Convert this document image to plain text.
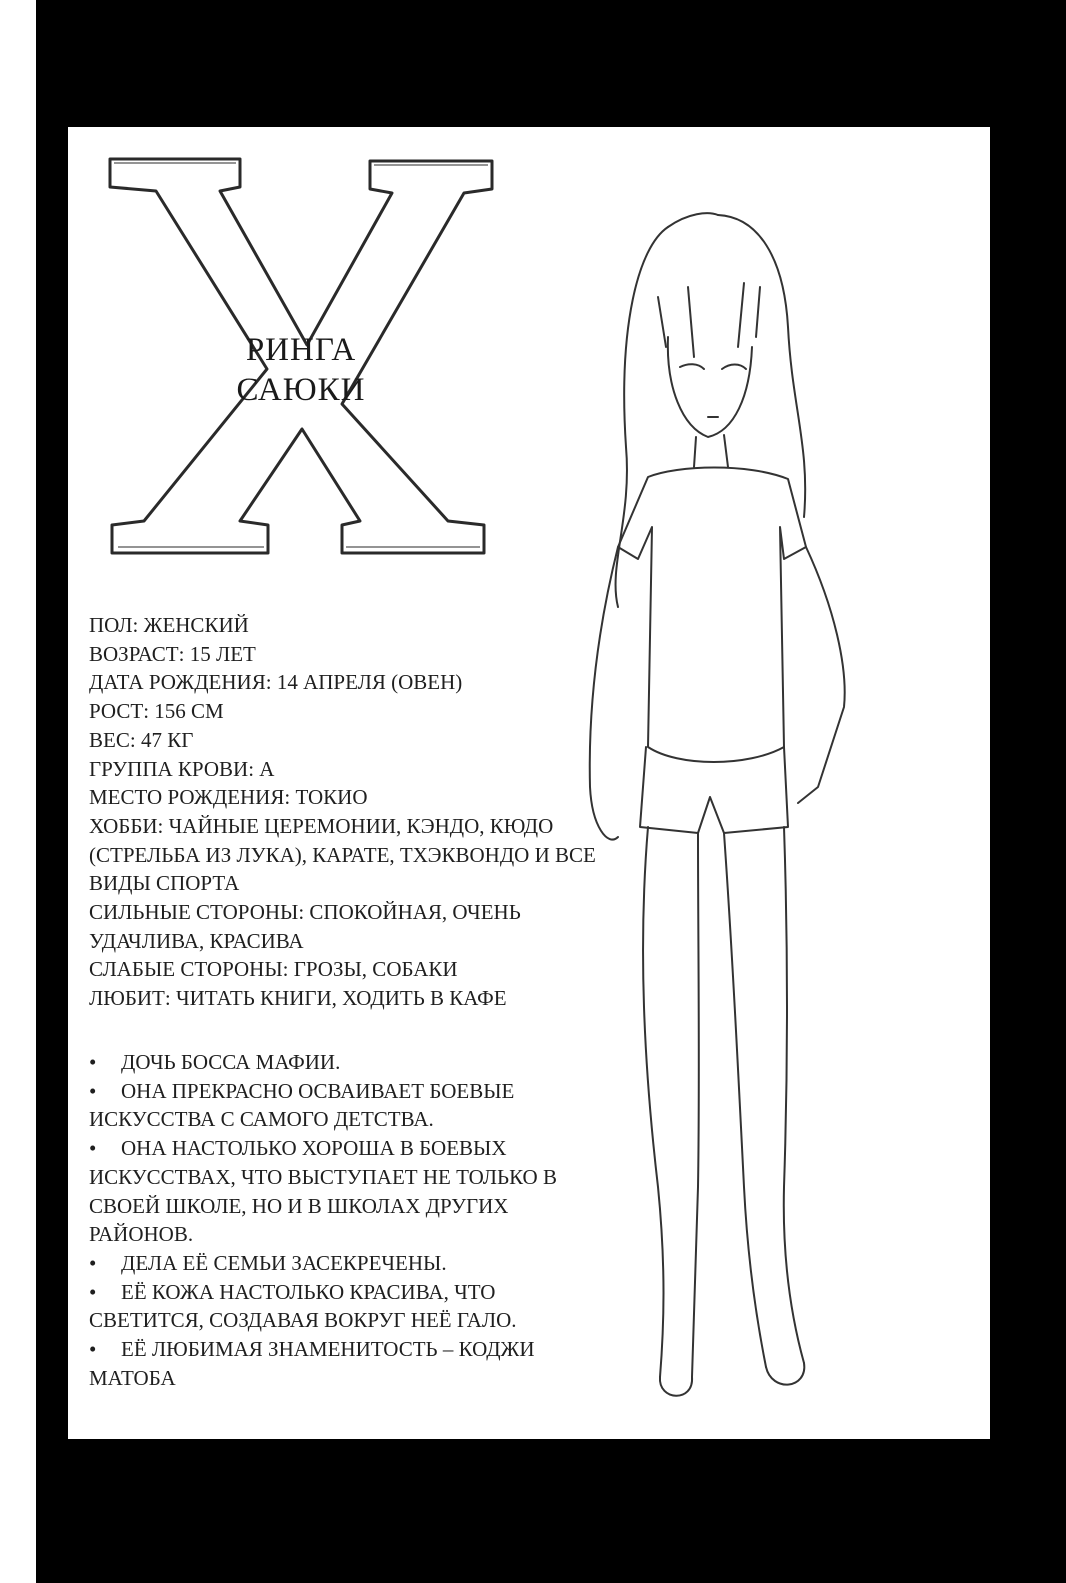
РИНГА
САЮКИ
ПОЛ: ЖЕНСКИЙ
ВОЗРАСТ: 15 ЛЕТ
ДАТА РОЖДЕНИЯ: 14 АПРЕЛЯ (ОВЕН)
РОСТ: 156 СМ
ВЕС: 47 КГ
ГРУППА КРОВИ: А
МЕСТО РОЖДЕНИЯ: ТОКИО
ХОББИ: ЧАЙНЫЕ ЦЕРЕМОНИИ, КЭНДО, КЮДО (СТРЕЛЬБА ИЗ ЛУКА), КАРАТЕ, ТХЭКВОНДО И ВСЕ ВИДЫ СПОРТА
СИЛЬНЫЕ СТОРОНЫ: СПОКОЙНАЯ, ОЧЕНЬ УДАЧЛИВА, КРАСИВА
СЛАБЫЕ СТОРОНЫ: ГРОЗЫ, СОБАКИ
ЛЮБИТ: ЧИТАТЬ КНИГИ, ХОДИТЬ В КАФЕ
• ДОЧЬ БОССА МАФИИ.
• ОНА ПРЕКРАСНО ОСВАИВАЕТ БОЕВЫЕ ИСКУССТВА С САМОГО ДЕТСТВА.
• ОНА НАСТОЛЬКО ХОРОША В БОЕВЫХ ИСКУССТВАХ, ЧТО ВЫСТУПАЕТ НЕ ТОЛЬКО В СВОЕЙ ШКОЛЕ, НО И В ШКОЛАХ ДРУГИХ РАЙОНОВ.
• ДЕЛА ЕЁ СЕМЬИ ЗАСЕКРЕЧЕНЫ.
• ЕЁ КОЖА НАСТОЛЬКО КРАСИВА, ЧТО СВЕТИТСЯ, СОЗДАВАЯ ВОКРУГ НЕЁ ГАЛО.
• ЕЁ ЛЮБИМАЯ ЗНАМЕНИТОСТЬ – КОДЖИ МАТОБА
